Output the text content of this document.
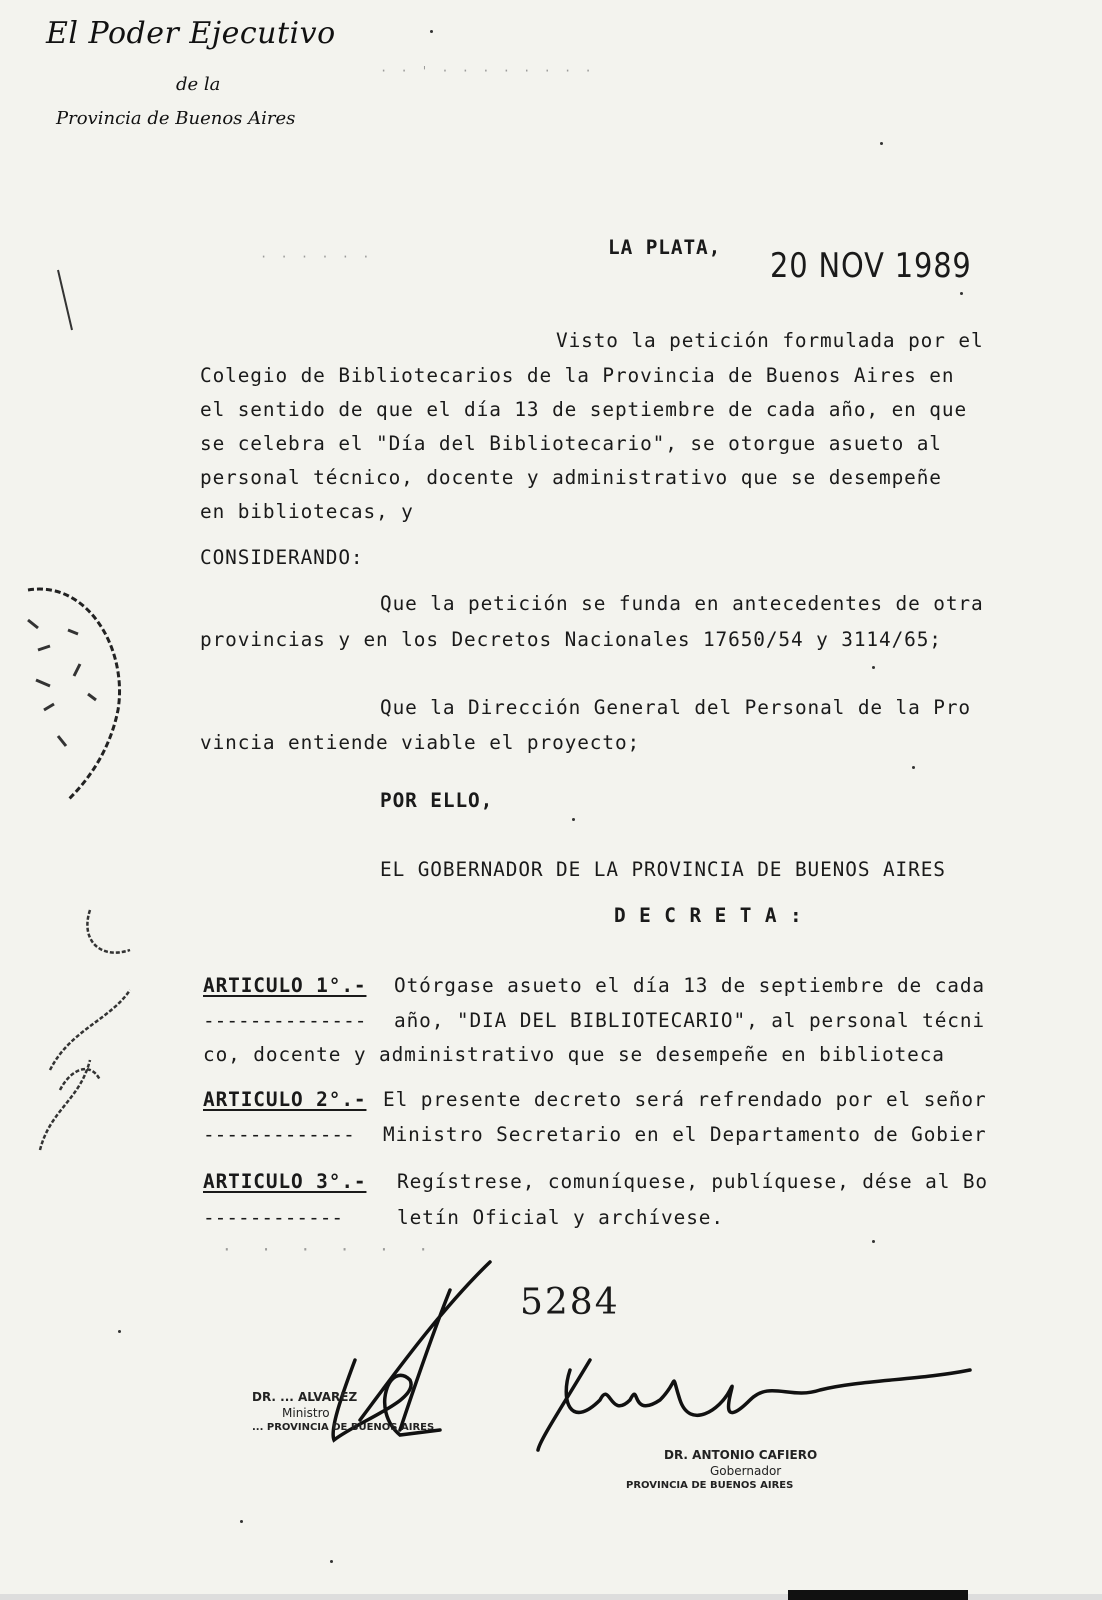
El Poder Ejecutivo
de la
Provincia de Buenos Aires
· · ' · · · · · · · ·
· · · · · ·	LA PLATA, 20 NOV 1989
Visto la petición formulada por el
Colegio de Bibliotecarios de la Provincia de Buenos Aires en
el sentido de que el día 13 de septiembre de cada año, en que
se celebra el "Día del Bibliotecario", se otorgue asueto al
personal técnico, docente y administrativo que se desempeñe
en bibliotecas, y
CONSIDERANDO:
Que la petición se funda en antecedentes de otra
provincias y en los Decretos Nacionales 17650/54 y 3114/65;
Que la Dirección General del Personal de la Pro
vincia entiende viable el proyecto;
POR ELLO,
EL GOBERNADOR DE LA PROVINCIA DE BUENOS AIRES
D E C R E T A :
ARTICULO 1°.- Otórgase asueto el día 13 de septiembre de cada
-------------- año, "DIA DEL BIBLIOTECARIO", al personal técni
co, docente y administrativo que se desempeñe en biblioteca
ARTICULO 2°.- El presente decreto será refrendado por el señor
------------- Ministro Secretario en el Departamento de Gobier
ARTICULO 3°.- Regístrese, comuníquese, publíquese, dése al Bo
------------	letín Oficial y archívese.
5284
· · · · · ·
DR. ... ALVAREZ
Ministro
... PROVINCIA DE BUENOS AIRES
DR. ANTONIO CAFIERO
Gobernador
PROVINCIA DE BUENOS AIRES
